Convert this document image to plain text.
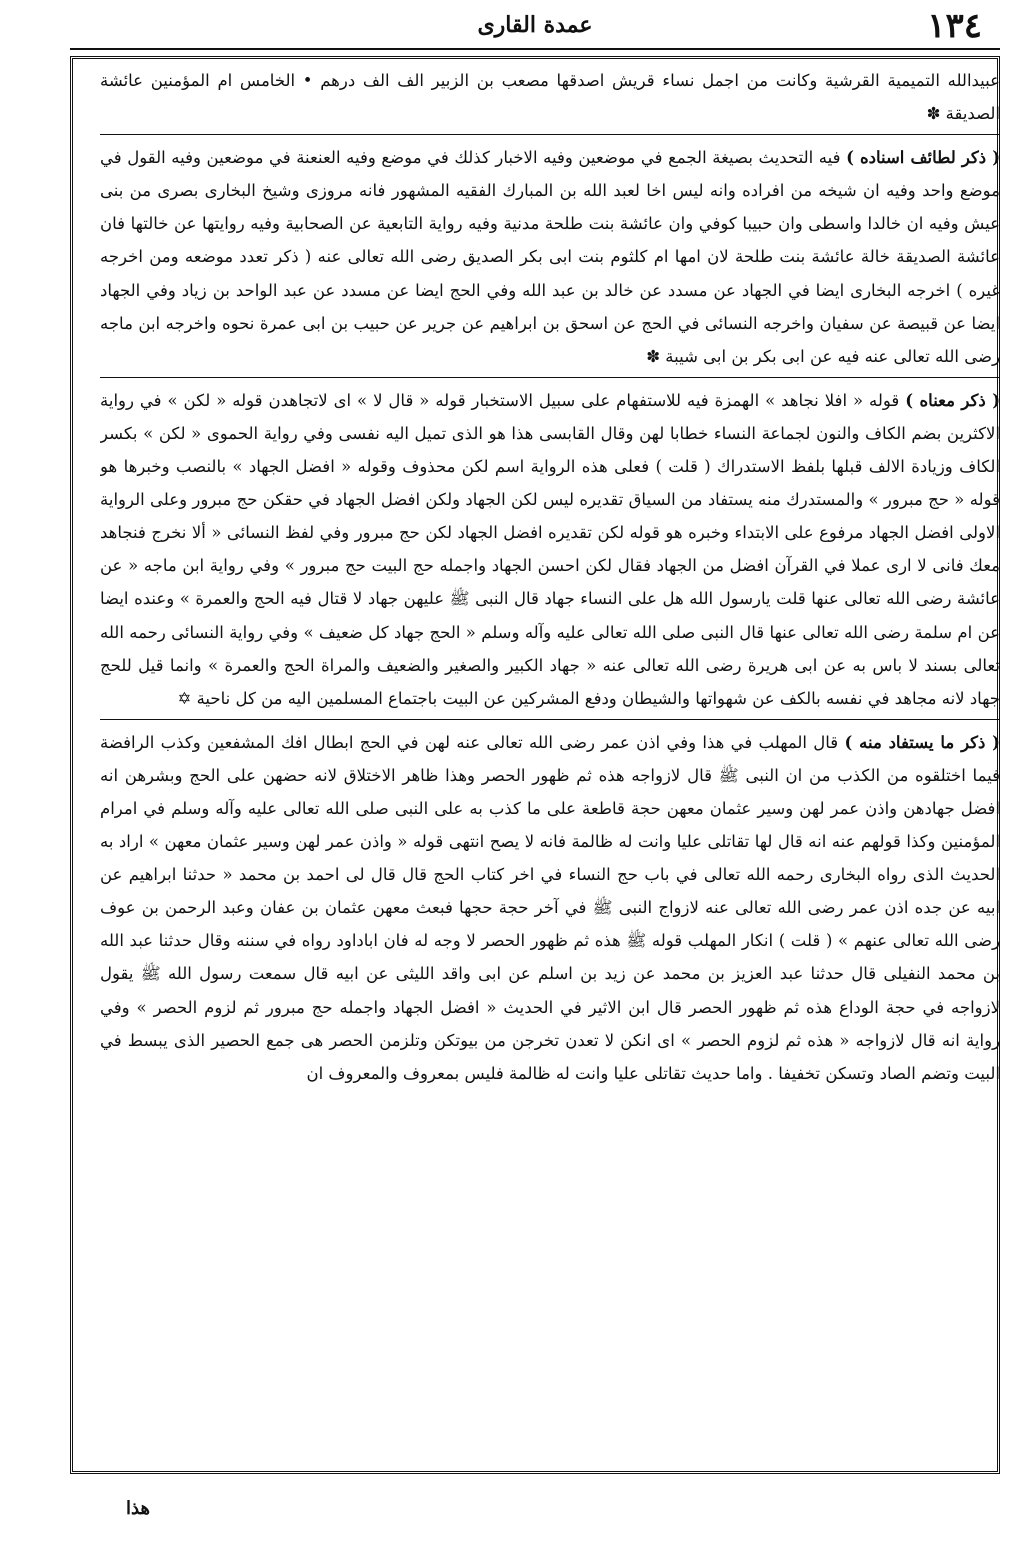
١٣٤
عمدة القارى

عبيدالله التميمية القرشية وكانت من اجمل نساء قريش اصدقها مصعب بن الزبير الف الف درهم • الخامس ام المؤمنين عائشة الصديقة ✽

( ذكر لطائف اسناده ) فيه التحديث بصيغة الجمع في موضعين وفيه الاخبار كذلك في موضع وفيه العنعنة في موضعين وفيه القول في موضع واحد وفيه ان شيخه من افراده وانه ليس اخا لعبد الله بن المبارك الفقيه المشهور فانه مروزى وشيخ البخارى بصرى من بنى عيش وفيه ان خالدا واسطى وان حبيبا كوفي وان عائشة بنت طلحة مدنية وفيه رواية التابعية عن الصحابية وفيه روايتها عن خالتها فان عائشة الصديقة خالة عائشة بنت طلحة لان امها ام كلثوم بنت ابى بكر الصديق رضى الله تعالى عنه ( ذكر تعدد موضعه ومن اخرجه غيره ) اخرجه البخارى ايضا في الجهاد عن مسدد عن خالد بن عبد الله وفي الحج ايضا عن مسدد عن عبد الواحد بن زياد وفي الجهاد ايضا عن قبيصة عن سفيان واخرجه النسائى في الحج عن اسحق بن ابراهيم عن جرير عن حبيب بن ابى عمرة نحوه واخرجه ابن ماجه رضى الله تعالى عنه فيه عن ابى بكر بن ابى شيبة ✽

( ذكر معناه ) قوله « افلا نجاهد » الهمزة فيه للاستفهام على سبيل الاستخبار قوله « قال لا » اى لاتجاهدن قوله « لكن » في رواية الاكثرين بضم الكاف والنون لجماعة النساء خطابا لهن وقال القابسى هذا هو الذى تميل اليه نفسى وفي رواية الحموى « لكن » بكسر الكاف وزيادة الالف قبلها بلفظ الاستدراك ( قلت ) فعلى هذه الرواية اسم لكن محذوف وقوله « افضل الجهاد » بالنصب وخبرها هو قوله « حج مبرور » والمستدرك منه يستفاد من السياق تقديره ليس لكن الجهاد ولكن افضل الجهاد في حقكن حج مبرور وعلى الرواية الاولى افضل الجهاد مرفوع على الابتداء وخبره هو قوله لكن تقديره افضل الجهاد لكن حج مبرور وفي لفظ النسائى « ألا نخرج فنجاهد معك فانى لا ارى عملا في القرآن افضل من الجهاد فقال لكن احسن الجهاد واجمله حج البيت حج مبرور » وفي رواية ابن ماجه « عن عائشة رضى الله تعالى عنها قلت يارسول الله هل على النساء جهاد قال النبى ﷺ عليهن جهاد لا قتال فيه الحج والعمرة » وعنده ايضا عن ام سلمة رضى الله تعالى عنها قال النبى صلى الله تعالى عليه وآله وسلم « الحج جهاد كل ضعيف » وفي رواية النسائى رحمه الله تعالى بسند لا باس به عن ابى هريرة رضى الله تعالى عنه « جهاد الكبير والصغير والضعيف والمراة الحج والعمرة » وانما قيل للحج جهاد لانه مجاهد في نفسه بالكف عن شهواتها والشيطان ودفع المشركين عن البيت باجتماع المسلمين اليه من كل ناحية ✡

( ذكر ما يستفاد منه ) قال المهلب في هذا وفي اذن عمر رضى الله تعالى عنه لهن في الحج ابطال افك المشفعين وكذب الرافضة فيما اختلقوه من الكذب من ان النبى ﷺ قال لازواجه هذه ثم ظهور الحصر وهذا ظاهر الاختلاق لانه حضهن على الحج وبشرهن انه افضل جهادهن واذن عمر لهن وسير عثمان معهن حجة قاطعة على ما كذب به على النبى صلى الله تعالى عليه وآله وسلم في امرام المؤمنين وكذا قولهم عنه انه قال لها تقاتلى عليا وانت له ظالمة فانه لا يصح انتهى قوله « واذن عمر لهن وسير عثمان معهن » اراد به الحديث الذى رواه البخارى رحمه الله تعالى في باب حج النساء في اخر كتاب الحج قال قال لى احمد بن محمد « حدثنا ابراهيم عن ابيه عن جده اذن عمر رضى الله تعالى عنه لازواج النبى ﷺ في آخر حجة حجها فبعث معهن عثمان بن عفان وعبد الرحمن بن عوف رضى الله تعالى عنهم » ( قلت ) انكار المهلب قوله ﷺ هذه ثم ظهور الحصر لا وجه له فان اباداود رواه في سننه وقال حدثنا عبد الله بن محمد النفيلى قال حدثنا عبد العزيز بن محمد عن زيد بن اسلم عن ابى واقد الليثى عن ابيه قال سمعت رسول الله ﷺ يقول لازواجه في حجة الوداع هذه ثم ظهور الحصر قال ابن الاثير في الحديث « افضل الجهاد واجمله حج مبرور ثم لزوم الحصر » وفي رواية انه قال لازواجه « هذه ثم لزوم الحصر » اى انكن لا تعدن تخرجن من بيوتكن وتلزمن الحصر هى جمع الحصير الذى يبسط في البيت وتضم الصاد وتسكن تخفيفا . واما حديث تقاتلى عليا وانت له ظالمة فليس بمعروف والمعروف ان

هذا
